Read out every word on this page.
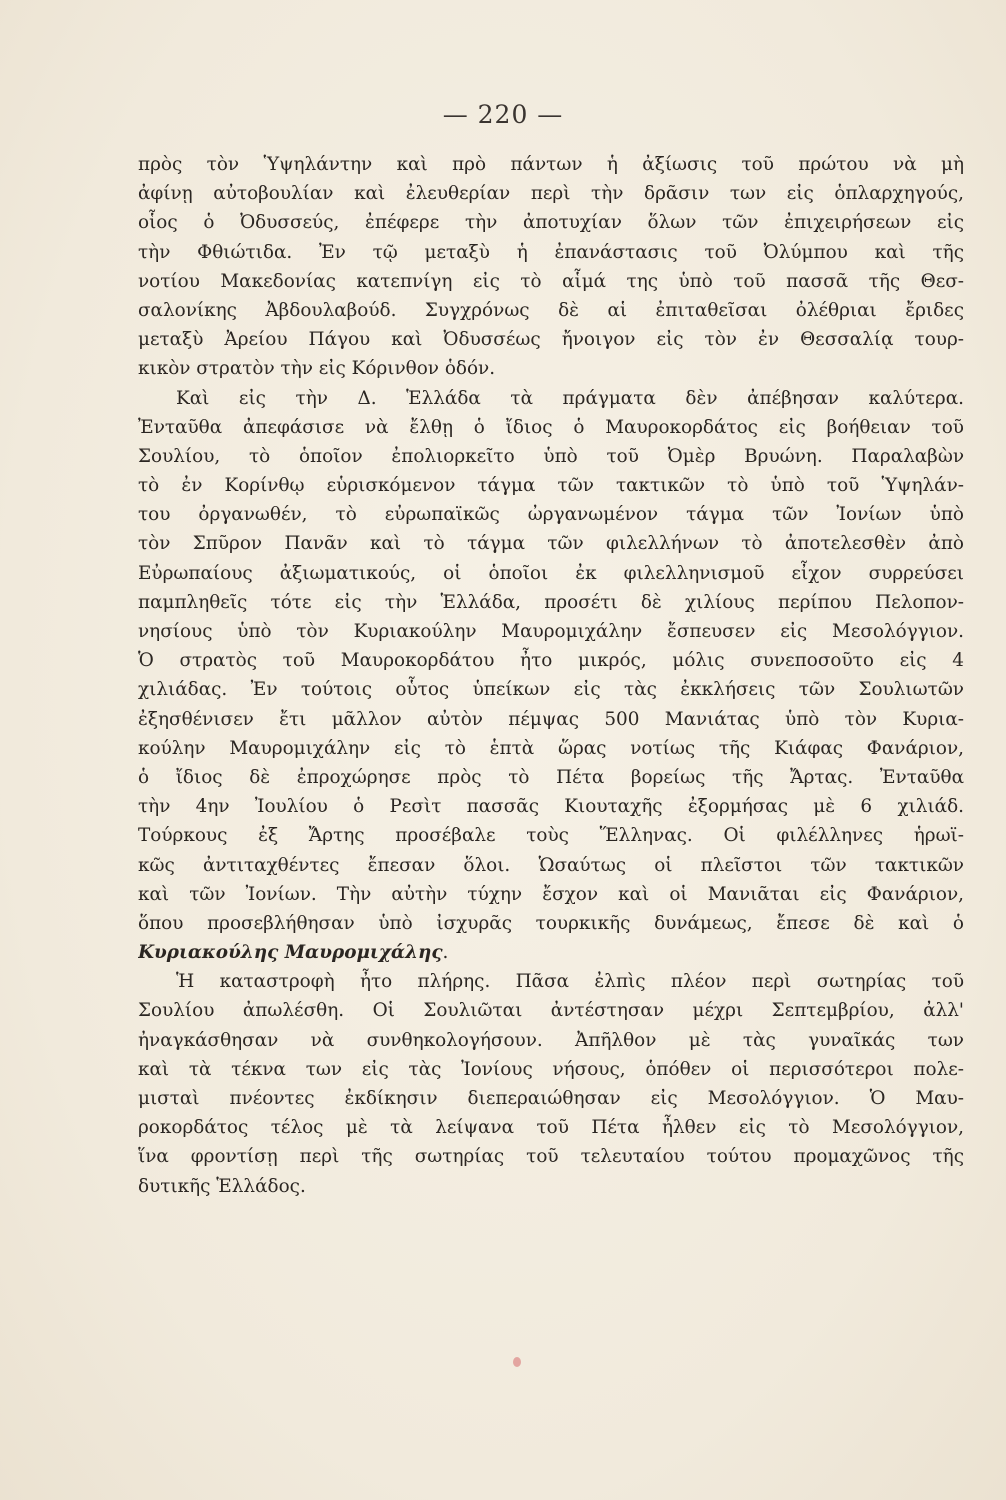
— 220 —
πρὸς τὸν Ὑψηλάντην καὶ πρὸ πάντων ἡ ἀξίωσις τοῦ πρώτου νὰ μὴ
ἀφίνῃ αὐτοβουλίαν καὶ ἐλευθερίαν περὶ τὴν δρᾶσιν των εἰς ὁπλαρχηγούς,
οἷος ὁ Ὀδυσσεύς, ἐπέφερε τὴν ἀποτυχίαν ὅλων τῶν ἐπιχειρήσεων εἰς
τὴν Φθιώτιδα. Ἐν τῷ μεταξὺ ἡ ἐπανάστασις τοῦ Ὀλύμπου καὶ τῆς
νοτίου Μακεδονίας κατεπνίγη εἰς τὸ αἷμά της ὑπὸ τοῦ πασσᾶ τῆς Θεσ-
σαλονίκης Ἀβδουλαβούδ. Συγχρόνως δὲ αἱ ἐπιταθεῖσαι ὀλέθριαι ἔριδες
μεταξὺ Ἀρείου Πάγου καὶ Ὀδυσσέως ἤνοιγον εἰς τὸν ἐν Θεσσαλίᾳ τουρ-
κικὸν στρατὸν τὴν εἰς Κόρινθον ὁδόν.
Καὶ εἰς τὴν Δ. Ἑλλάδα τὰ πράγματα δὲν ἀπέβησαν καλύτερα.
Ἐνταῦθα ἀπεφάσισε νὰ ἔλθῃ ὁ ἴδιος ὁ Μαυροκορδάτος εἰς βοήθειαν τοῦ
Σουλίου, τὸ ὁποῖον ἐπολιορκεῖτο ὑπὸ τοῦ Ὀμὲρ Βρυώνη. Παραλαβὼν
τὸ ἐν Κορίνθῳ εὑρισκόμενον τάγμα τῶν τακτικῶν τὸ ὑπὸ τοῦ Ὑψηλάν-
του ὀργανωθέν, τὸ εὐρωπαϊκῶς ὠργανωμένον τάγμα τῶν Ἰονίων ὑπὸ
τὸν Σπῦρον Πανᾶν καὶ τὸ τάγμα τῶν φιλελλήνων τὸ ἀποτελεσθὲν ἀπὸ
Εὐρωπαίους ἀξιωματικούς, οἱ ὁποῖοι ἐκ φιλελληνισμοῦ εἶχον συρρεύσει
παμπληθεῖς τότε εἰς τὴν Ἑλλάδα, προσέτι δὲ χιλίους περίπου Πελοπον-
νησίους ὑπὸ τὸν Κυριακούλην Μαυρομιχάλην ἔσπευσεν εἰς Μεσολόγγιον.
Ὁ στρατὸς τοῦ Μαυροκορδάτου ἦτο μικρός, μόλις συνεποσοῦτο εἰς 4
χιλιάδας. Ἐν τούτοις οὗτος ὑπείκων εἰς τὰς ἐκκλήσεις τῶν Σουλιωτῶν
ἐξησθένισεν ἔτι μᾶλλον αὐτὸν πέμψας 500 Μανιάτας ὑπὸ τὸν Κυρια-
κούλην Μαυρομιχάλην εἰς τὸ ἑπτὰ ὥρας νοτίως τῆς Κιάφας Φανάριον,
ὁ ἴδιος δὲ ἐπροχώρησε πρὸς τὸ Πέτα βορείως τῆς Ἄρτας. Ἐνταῦθα
τὴν 4ην Ἰουλίου ὁ Ρεσὶτ πασσᾶς Κιουταχῆς ἐξορμήσας μὲ 6 χιλιάδ.
Τούρκους ἐξ Ἄρτης προσέβαλε τοὺς Ἕλληνας. Οἱ φιλέλληνες ἡρωϊ-
κῶς ἀντιταχθέντες ἔπεσαν ὅλοι. Ὡσαύτως οἱ πλεῖστοι τῶν τακτικῶν
καὶ τῶν Ἰονίων. Τὴν αὐτὴν τύχην ἔσχον καὶ οἱ Μανιᾶται εἰς Φανάριον,
ὅπου προσεβλήθησαν ὑπὸ ἰσχυρᾶς τουρκικῆς δυνάμεως, ἔπεσε δὲ καὶ ὁ
Κυριακούλης Μαυρομιχάλης.
Ἡ καταστροφὴ ἦτο πλήρης. Πᾶσα ἐλπὶς πλέον περὶ σωτηρίας τοῦ
Σουλίου ἀπωλέσθη. Οἱ Σουλιῶται ἀντέστησαν μέχρι Σεπτεμβρίου, ἀλλ'
ἠναγκάσθησαν νὰ συνθηκολογήσουν. Ἀπῆλθον μὲ τὰς γυναῖκάς των
καὶ τὰ τέκνα των εἰς τὰς Ἰονίους νήσους, ὁπόθεν οἱ περισσότεροι πολε-
μισταὶ πνέοντες ἐκδίκησιν διεπεραιώθησαν εἰς Μεσολόγγιον. Ὁ Μαυ-
ροκορδάτος τέλος μὲ τὰ λείψανα τοῦ Πέτα ἦλθεν εἰς τὸ Μεσολόγγιον,
ἵνα φροντίσῃ περὶ τῆς σωτηρίας τοῦ τελευταίου τούτου προμαχῶνος τῆς
δυτικῆς Ἑλλάδος.
